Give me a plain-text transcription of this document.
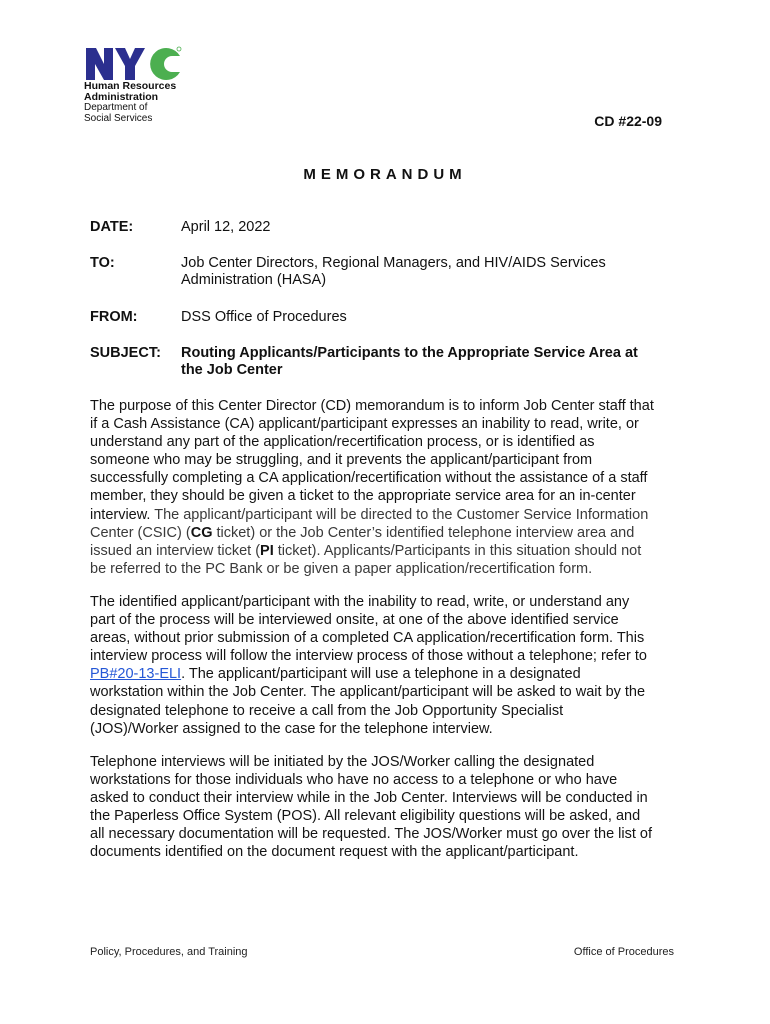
Human Resources
Administration
Department of
Social Services	CD #22-09
MEMORANDUM
DATE:	April 12, 2022
TO:	Job Center Directors, Regional Managers, and HIV/AIDS Services
Administration (HASA)
FROM:	DSS Office of Procedures
SUBJECT: Routing Applicants/Participants to the Appropriate Service Area at
the Job Center

The purpose of this Center Director (CD) memorandum is to inform Job Center staff that
if a Cash Assistance (CA) applicant/participant expresses an inability to read, write, or
understand any part of the application/recertification process, or is identified as
someone who may be struggling, and it prevents the applicant/participant from
successfully completing a CA application/recertification without the assistance of a staff
member, they should be given a ticket to the appropriate service area for an in-center
interview. The applicant/participant will be directed to the Customer Service Information
Center (CSIC) (CG ticket) or the Job Center’s identified telephone interview area and
issued an interview ticket (PI ticket). Applicants/Participants in this situation should not
be referred to the PC Bank or be given a paper application/recertification form.

The identified applicant/participant with the inability to read, write, or understand any
part of the process will be interviewed onsite, at one of the above identified service
areas, without prior submission of a completed CA application/recertification form. This
interview process will follow the interview process of those without a telephone; refer to
PB#20-13-ELI. The applicant/participant will use a telephone in a designated
workstation within the Job Center. The applicant/participant will be asked to wait by the
designated telephone to receive a call from the Job Opportunity Specialist
(JOS)/Worker assigned to the case for the telephone interview.

Telephone interviews will be initiated by the JOS/Worker calling the designated
workstations for those individuals who have no access to a telephone or who have
asked to conduct their interview while in the Job Center. Interviews will be conducted in
the Paperless Office System (POS). All relevant eligibility questions will be asked, and
all necessary documentation will be requested. The JOS/Worker must go over the list of
documents identified on the document request with the applicant/participant.

Policy, Procedures, and Training	Office of Procedures
